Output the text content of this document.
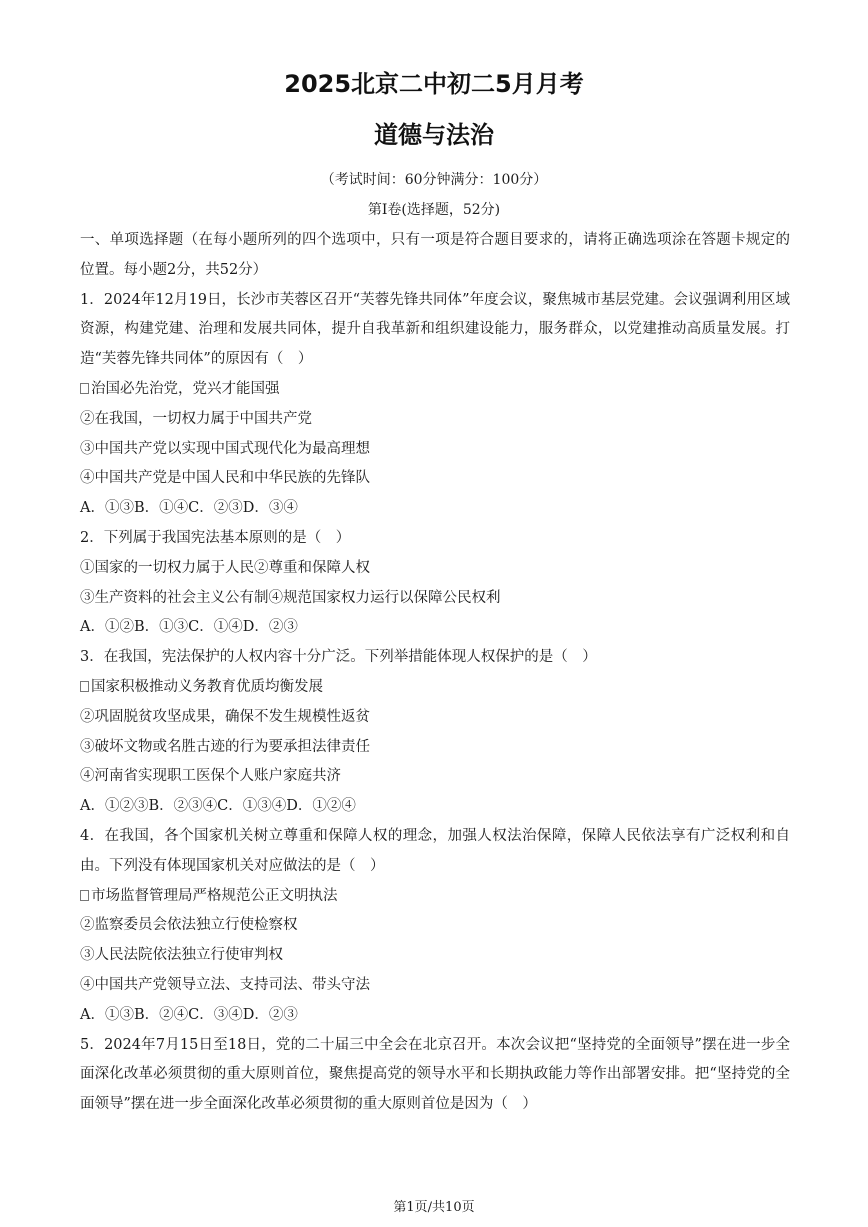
2025北京二中初二5月月考
道德与法治
（考试时间：60分钟满分：100分）
第Ⅰ卷(选择题，52分)

一、单项选择题（在每小题所列的四个选项中，只有一项是符合题目要求的，请将正确选项涂在答题卡规定的位置。每小题2分，共52分）

1．2024年12月19日，长沙市芙蓉区召开“芙蓉先锋共同体”年度会议，聚焦城市基层党建。会议强调利用区域资源，构建党建、治理和发展共同体，提升自我革新和组织建设能力，服务群众，以党建推动高质量发展。打造“芙蓉先锋共同体”的原因有（　）

治国必先治党，党兴才能国强

②在我国，一切权力属于中国共产党

③中国共产党以实现中国式现代化为最高理想

④中国共产党是中国人民和中华民族的先锋队

A．①③B．①④C．②③D．③④

2．下列属于我国宪法基本原则的是（　）

①国家的一切权力属于人民②尊重和保障人权

③生产资料的社会主义公有制④规范国家权力运行以保障公民权利

A．①②B．①③C．①④D．②③

3．在我国，宪法保护的人权内容十分广泛。下列举措能体现人权保护的是（　）

国家积极推动义务教育优质均衡发展

②巩固脱贫攻坚成果，确保不发生规模性返贫

③破坏文物或名胜古迹的行为要承担法律责任

④河南省实现职工医保个人账户家庭共济

A．①②③B．②③④C．①③④D．①②④

4．在我国，各个国家机关树立尊重和保障人权的理念，加强人权法治保障，保障人民依法享有广泛权利和自由。下列没有体现国家机关对应做法的是（　）

市场监督管理局严格规范公正文明执法

②监察委员会依法独立行使检察权

③人民法院依法独立行使审判权

④中国共产党领导立法、支持司法、带头守法

A．①③B．②④C．③④D．②③

5．2024年7月15日至18日，党的二十届三中全会在北京召开。本次会议把“坚持党的全面领导”摆在进一步全面深化改革必须贯彻的重大原则首位，聚焦提高党的领导水平和长期执政能力等作出部署安排。把“坚持党的全面领导”摆在进一步全面深化改革必须贯彻的重大原则首位是因为（　）

第1页/共10页
